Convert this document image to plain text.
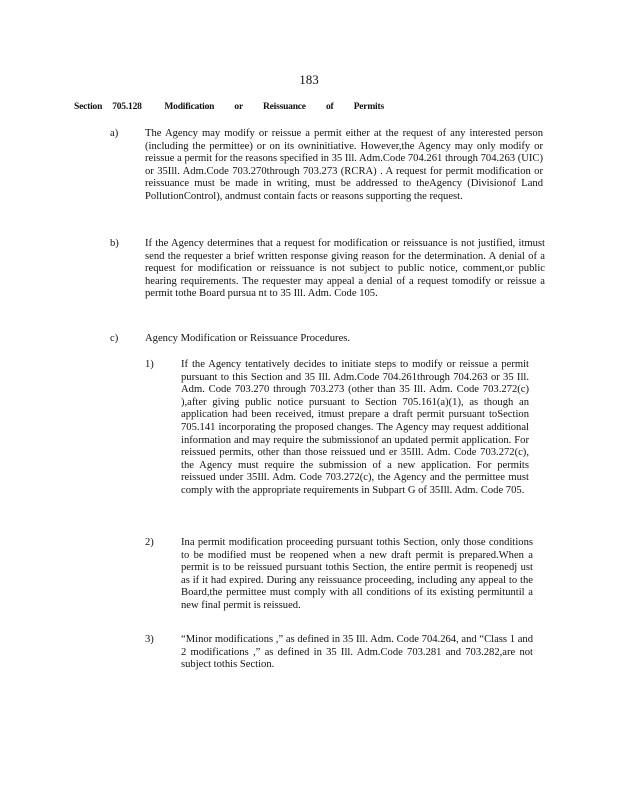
183
Section 705.128 Modification or Reissuance of Permits
a)	The Agency may modify or reissue a permit either at the request of any interested person (including the permittee) or on its owninitiative. However,the Agency may only modify or reissue a permit for the reasons specified in 35 Ill. Adm.Code 704.261 through 704.263 (UIC) or 35Ill. Adm.Code 703.270through 703.273 (RCRA) . A request for permit modification or reissuance must be made in writing, must be addressed to theAgency (Divisionof Land PollutionControl), andmust contain facts or reasons supporting the request.
b) If the Agency determines that a request for modification or reissuance is not justified, itmust send the requester a brief written response giving reason for the determination. A denial of a request for modification or reissuance is not subject to public notice, comment,or public hearing requirements. The requester may appeal a denial of a request tomodify or reissue a permit tothe Board pursua nt to 35 Ill. Adm. Code 105.
c)	Agency Modification or Reissuance Procedures.
1)	If the Agency tentatively decides to initiate steps to modify or reissue a permit pursuant to this Section and 35 Ill. Adm.Code 704.261through 704.263 or 35 Ill. Adm. Code 703.270 through 703.273 (other than 35 Ill. Adm. Code 703.272(c) ),after giving public notice pursuant to Section 705.161(a)(1), as though an application had been received, itmust prepare a draft permit pursuant toSection 705.141 incorporating the proposed changes. The Agency may request additional information and may require the submissionof an updated permit application. For reissued permits, other than those reissued und er 35Ill. Adm. Code 703.272(c), the Agency must require the submission of a new application. For permits reissued under 35Ill. Adm. Code 703.272(c), the Agency and the permittee must comply with the appropriate requirements in Subpart G of 35Ill. Adm. Code 705.
2)	Ina permit modification proceeding pursuant tothis Section, only those conditions to be modified must be reopened when a new draft permit is prepared.When a permit is to be reissued pursuant tothis Section, the entire permit is reopenedj ust as if it had expired. During any reissuance proceeding, including any appeal to the Board,the permittee must comply with all conditions of its existing permituntil a new final permit is reissued.
3)	“Minor modifications ,” as defined in 35 Ill. Adm. Code 704.264, and “Class 1 and 2 modifications ,” as defined in 35 Ill. Adm.Code 703.281 and 703.282,are not subject tothis Section.
